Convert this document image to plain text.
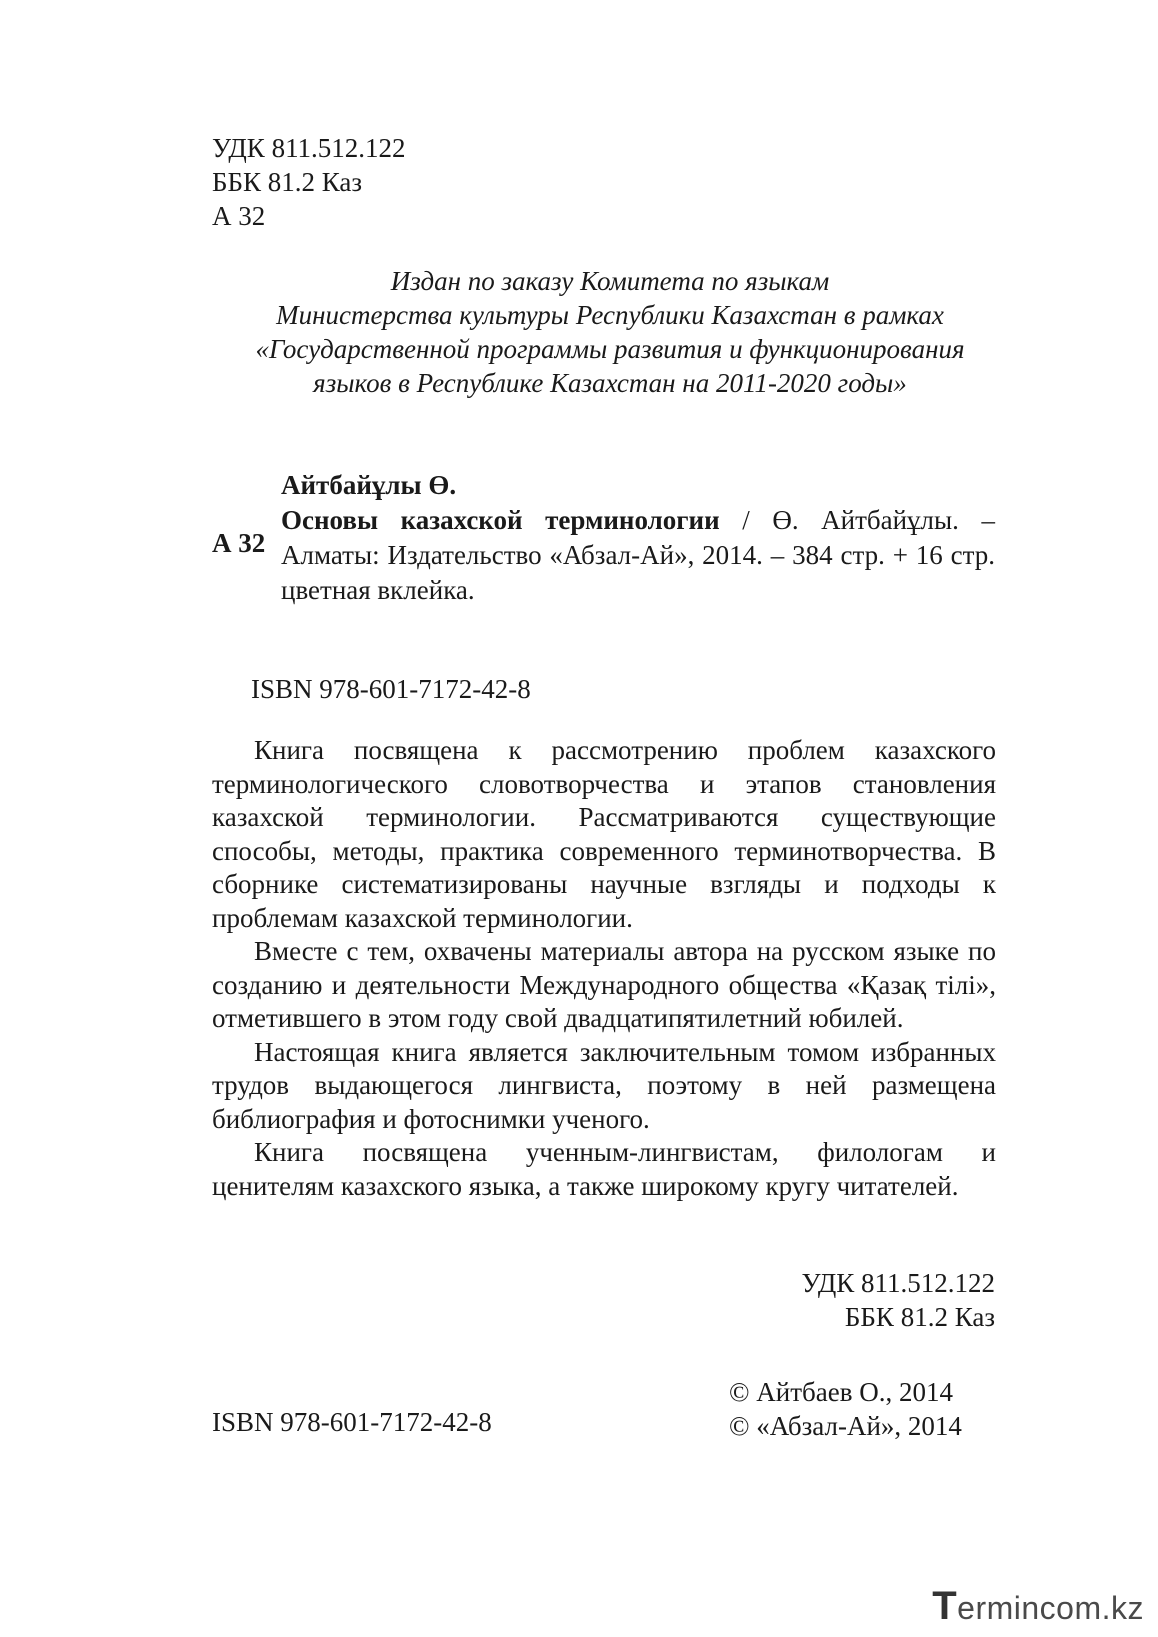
УДК 811.512.122
ББК 81.2 Каз
А 32
Издан по заказу Комитета по языкам
Министерства культуры Республики Казахстан в рамках
«Государственной программы развития и функционирования
языков в Республике Казахстан на 2011-2020 годы»
А 32
Айтбайұлы Ө.
Основы казахской терминологии / Ө. Айтбайұлы. – Алматы: Издательство «Абзал-Ай», 2014. – 384 стр. + 16 стр. цветная вклейка.
ISBN 978-601-7172-42-8

Книга посвящена к рассмотрению проблем казахского терминологического словотворчества и этапов становления казахской терминологии. Рассматриваются существующие способы, методы, практика современного терминотворчества. В сборнике систематизированы научные взгляды и подходы к проблемам казахской терминологии.

Вместе с тем, охвачены материалы автора на русском языке по созданию и деятельности Международного общества «Қазақ тілі», отметившего в этом году свой двадцатипятилетний юбилей.

Настоящая книга является заключительным томом избранных трудов выдающегося лингвиста, поэтому в ней размещена библиография и фотоснимки ученого.

Книга посвящена ученным-лингвистам, филологам и ценителям казахского языка, а также широкому кругу читателей.

УДК 811.512.122
ББК 81.2 Каз
ISBN 978-601-7172-42-8
© Айтбаев О., 2014
© «Абзал-Ай», 2014
Termincom.kz
